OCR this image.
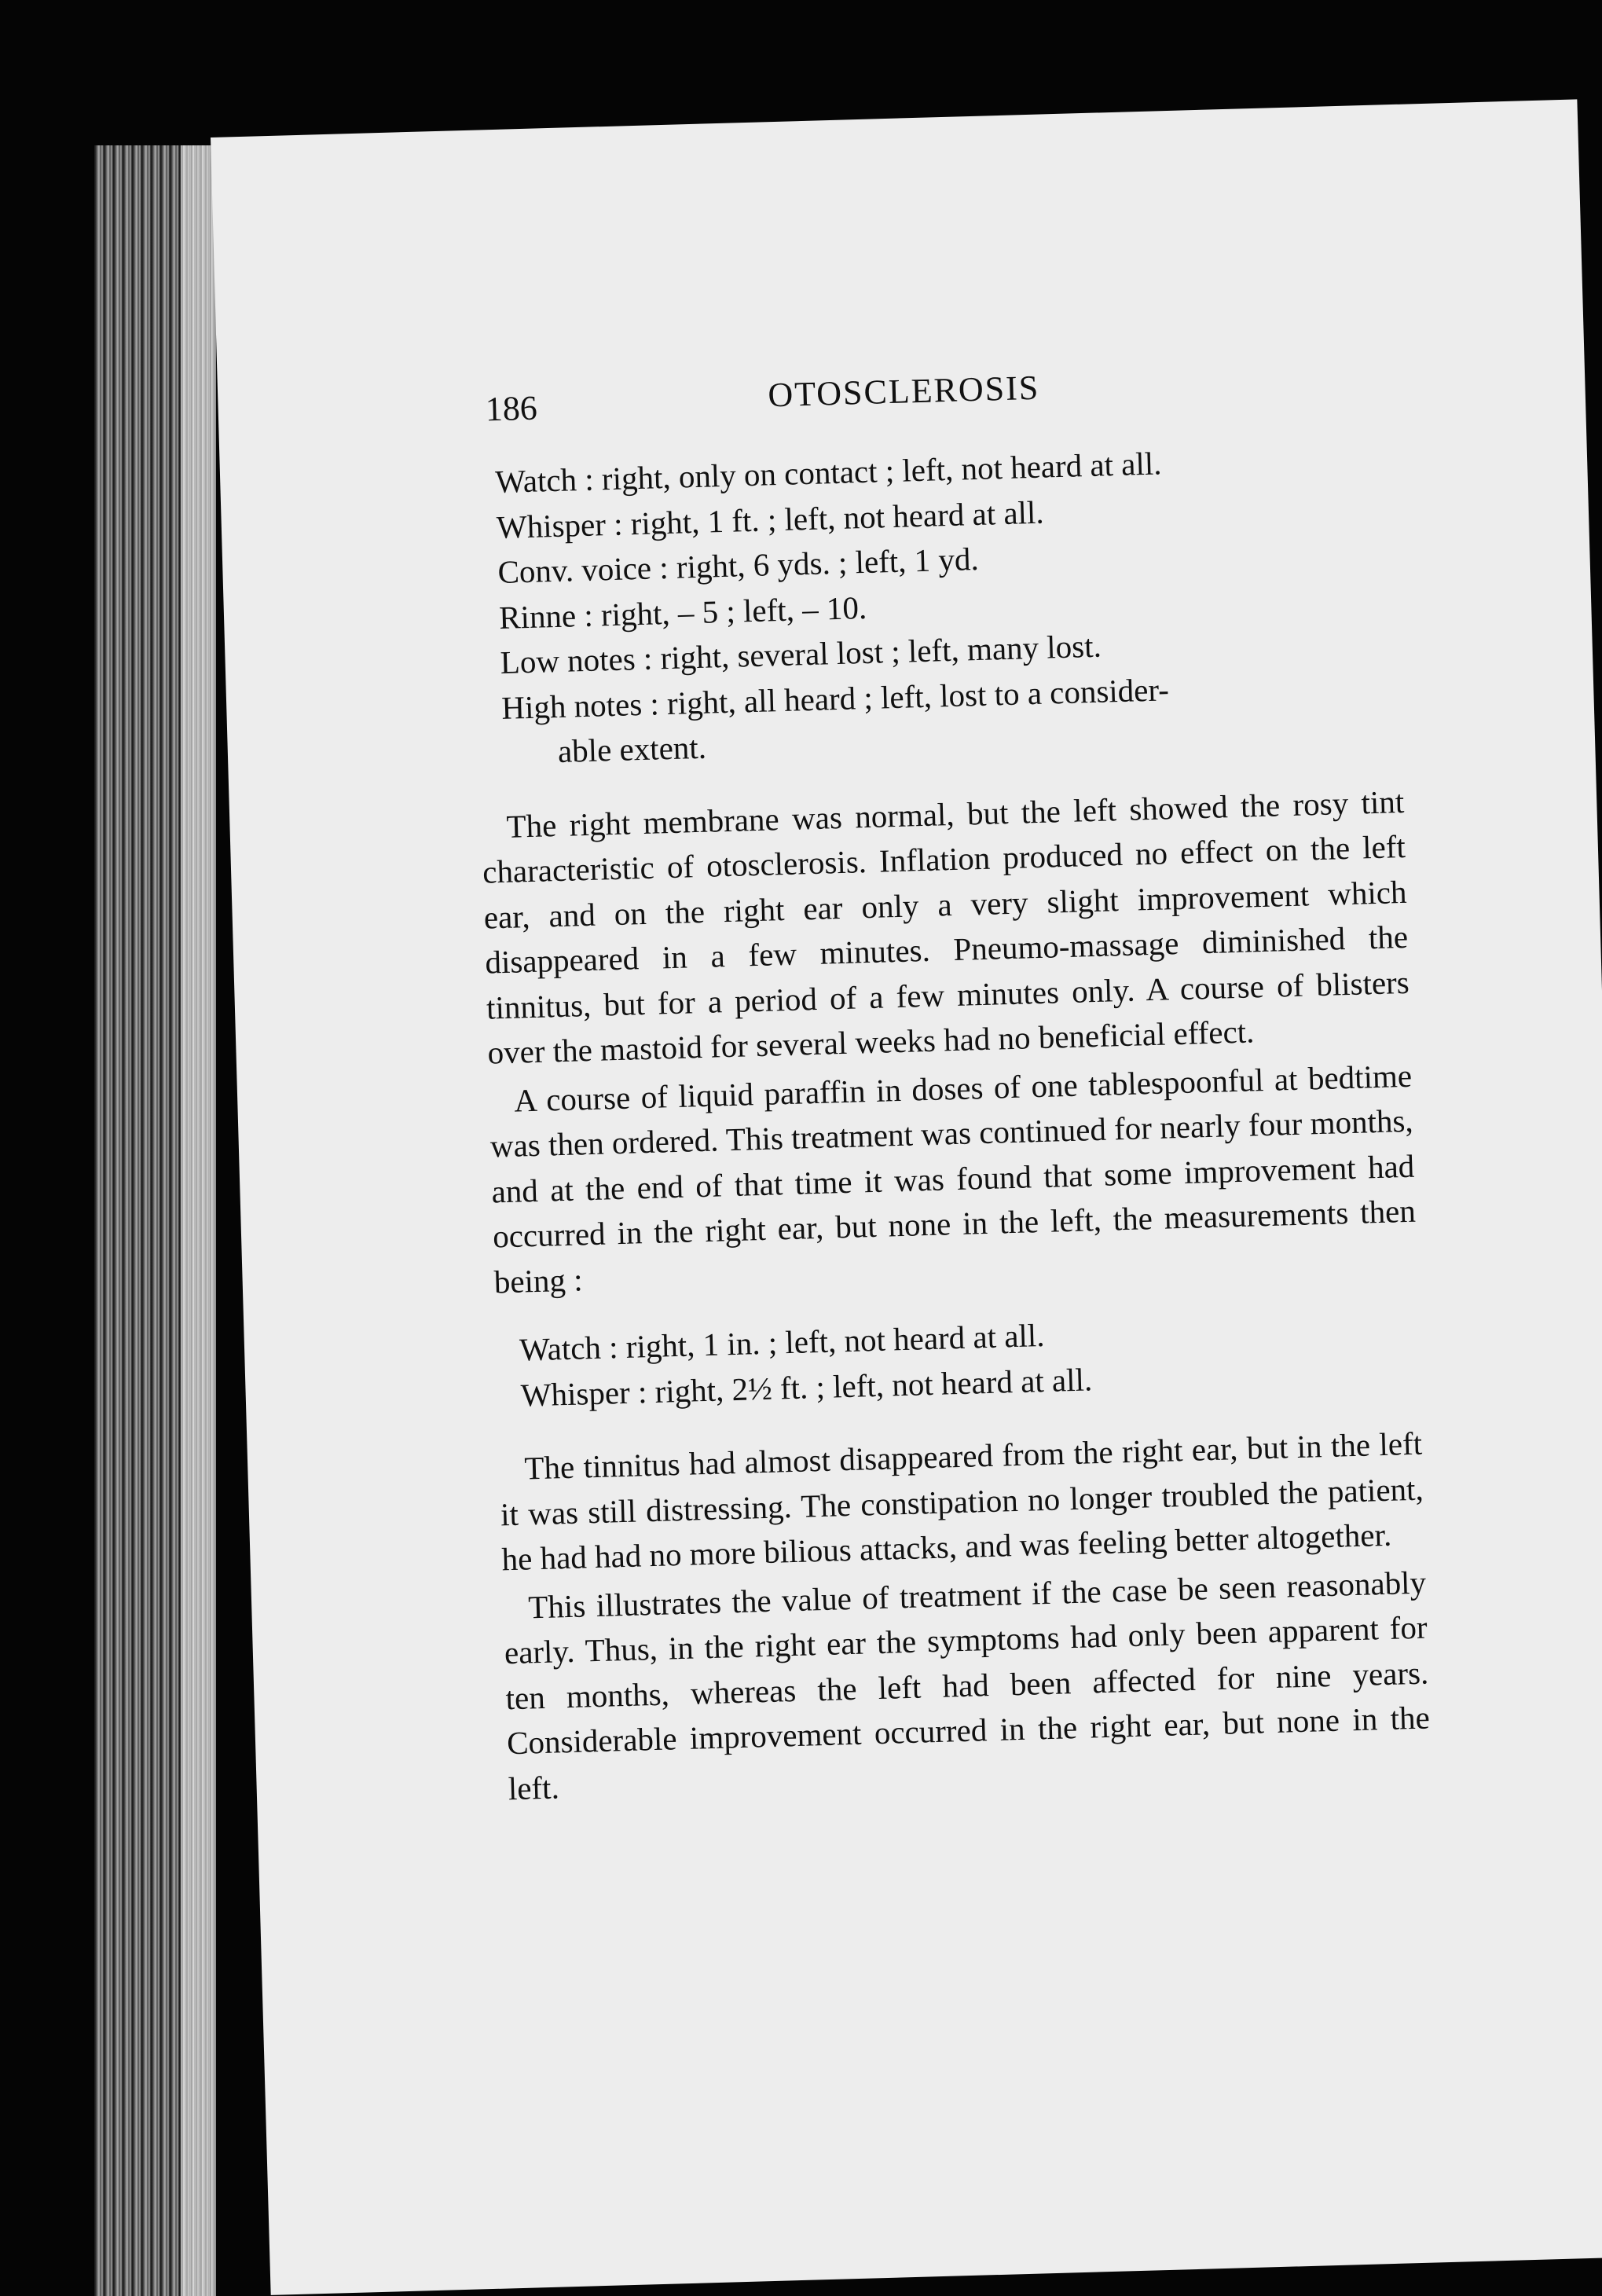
186	OTOSCLEROSIS

Watch : right, only on contact ; left, not heard at all.

Whisper : right, 1 ft. ; left, not heard at all.

Conv. voice : right, 6 yds. ; left, 1 yd.

Rinne : right, – 5 ; left, – 10.

Low notes : right, several lost ; left, many lost.

High notes : right, all heard ; left, lost to a consider-

able extent.

The right membrane was normal, but the left showed the rosy tint characteristic of otosclerosis. Inflation produced no effect on the left ear, and on the right ear only a very slight improvement which disappeared in a few minutes. Pneumo-massage diminished the tinnitus, but for a period of a few minutes only. A course of blisters over the mastoid for several weeks had no beneficial effect.

A course of liquid paraffin in doses of one tablespoonful at bedtime was then ordered. This treatment was continued for nearly four months, and at the end of that time it was found that some improvement had occurred in the right ear, but none in the left, the measurements then being :

Watch : right, 1 in. ; left, not heard at all.

Whisper : right, 2½ ft. ; left, not heard at all.

The tinnitus had almost disappeared from the right ear, but in the left it was still distressing. The constipation no longer troubled the patient, he had had no more bilious attacks, and was feeling better altogether.

This illustrates the value of treatment if the case be seen reasonably early. Thus, in the right ear the symptoms had only been apparent for ten months, whereas the left had been affected for nine years. Considerable improvement occurred in the right ear, but none in the left.
